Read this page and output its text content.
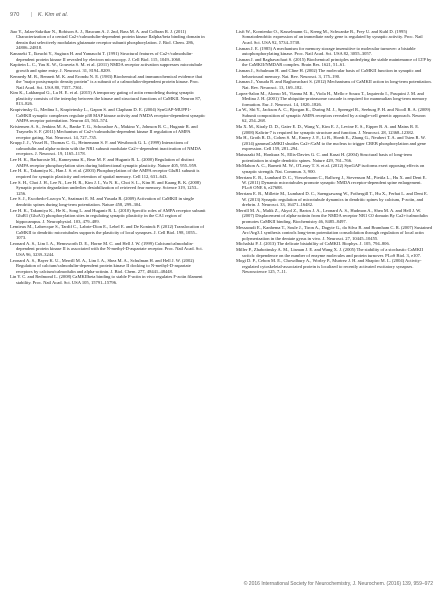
970 | K. Kim et al.

Jiao Y., Jalan-Sakrikar N., Robison A. J., Baucum A. J. 2nd, Bass M. A. and Colbran R. J. (2011) Characterization of a central Ca2+/calmodulin-dependent protein kinase IIalpha/beta binding domain in densin that selectively modulates glutamate receptor subunit phosphorylation. J. Biol. Chem. 286, 24806–24818.

Kanaseki T., Ikeuchi Y., Sugiura H. and Yamauchi T. (1991) Structural features of Ca2+/calmodulin-dependent protein kinase II revealed by electron microscopy. J. Cell Biol. 115, 1049–1060.

Kapitein L. C., Yau K. W., Gouveia S. M. et al. (2011) NMDA receptor activation suppresses microtubule growth and spine entry. J. Neurosci. 31, 8194–8209.

Kennedy M. B., Bennett M. K. and Erondu N. E. (1983) Biochemical and immunochemical evidence that the "major postsynaptic density protein" is a subunit of a calmodulin-dependent protein kinase. Proc. Natl Acad. Sci. USA 80, 7357–7361.

Kim K., Lakhanpal G., Lu H. E. et al. (2015) A temporary gating of actin remodeling during synaptic plasticity consists of the interplay between the kinase and structural functions of CaMKII. Neuron 87, 813–826.

Krapivinsky G., Medina I., Krapivinsky L., Gapon S. and Clapham D. E. (2004) SynGAP-MUPP1-CaMKII synaptic complexes regulate p38 MAP kinase activity and NMDA receptor-dependent synaptic AMPA receptor potentiation. Neuron 43, 563–574.

Kristensen A. S., Jenkins M. A., Banke T. G., Schousboe A., Makino Y., Johnson R. C., Huganir R. and Traynelis S. F. (2011) Mechanism of Ca2+/calmodulin-dependent kinase II regulation of AMPA receptor gating. Nat. Neurosci. 14, 727–735.

Krupp J. J., Vissel B., Thomas C. G., Heinemann S. F. and Westbrook G. L. (1999) Interactions of calmodulin and alpha-actinin with the NR1 subunit modulate Ca2+-dependent inactivation of NMDA receptors. J. Neurosci. 19, 1165–1178.

Lee H. K., Barbarosie M., Kameyama K., Bear M. F. and Huganir R. L. (2000) Regulation of distinct AMPA receptor phosphorylation sites during bidirectional synaptic plasticity. Nature 405, 955–959.

Lee H. K., Takamiya K., Han J. S. et al. (2003) Phosphorylation of the AMPA receptor GluR1 subunit is required for synaptic plasticity and retention of spatial memory. Cell 112, 631–643.

Lee S. H., Choi J. H., Lee N., Lee H. R., Kim J. I., Yu N. K., Choi S. L., Kim H. and Kaang B. K. (2008) Synaptic protein degradation underlies destabilization of retrieved fear memory. Science 319, 1253–1256.

Lee S. J., Escobedo-Lozoya Y., Szatmari E. M. and Yasuda R. (2009) Activation of CaMKII in single dendritic spines during long-term potentiation. Nature 458, 299–304.

Lee H. K., Takamiya K., He K., Song L. and Huganir R. L. (2010) Specific roles of AMPA receptor subunit GluR1 (GluA1) phosphorylation sites in regulating synaptic plasticity in the CA1 region of hippocampus. J. Neurophysiol. 103, 479–489.

Lemieux M., Labrecque S., Tardif C., Labrie-Dion E., Lebel E. and De Koninck P. (2012) Translocation of CaMKII to dendritic microtubules supports the plasticity of local synapses. J. Cell Biol. 198, 1055–1073.

Leonard A. S., Lim I. A., Hemsworth D. E., Horne M. C. and Hell J. W. (1999) Calcium/calmodulin-dependent protein kinase II is associated with the N-methyl-D-aspartate receptor. Proc. Natl Acad. Sci. USA 96, 3239–3244.

Leonard A. S., Bayer K. U., Merrill M. A., Lim I. A., Shea M. A., Schulman H. and Hell J. W. (2002) Regulation of calcium/calmodulin-dependent protein kinase II docking to N-methyl-D-aspartate receptors by calcium/calmodulin and alpha-actinin. J. Biol. Chem. 277, 48441–48448.

Lin Y. C. and Redmond L. (2008) CaMKIIbeta binding to stable F-actin in vivo regulates F-actin filament stability. Proc. Natl Acad. Sci. USA 105, 15791–15796.

Lisft W., Kornienko O., Kasselmann G., Kreng M., Schwanke B., Frey U. and Kuhl D. (1995) Somatodendritic expression of an immediate early gene is regulated by synaptic activity. Proc. Natl Acad. Sci. USA 92, 5734–5738.

Lisman J. E. (1985) A mechanism for memory storage insensitive to molecular turnover: a bistable autophosphorylating kinase. Proc. Natl Acad. Sci. USA 82, 3055–3057.

Lisman J. and Raghavachari S. (2015) Biochemical principles underlying the stable maintenance of LTP by the CaMKII/NMDAR complex. Brain Res. 1621, 51–61.

Lisman J., Schulman H. and Cline H. (2002) The molecular basis of CaMKII function in synaptic and behavioural memory. Nat. Rev. Neurosci. 3, 175–190.

Lisman J., Yasuda R. and Raghavachari S. (2012) Mechanisms of CaMKII action in long-term potentiation. Nat. Rev. Neurosci. 13, 169–182.

Lopez-Salon M., Alonso M., Vianna M. R., Viola H., Mello e Souza T., Izquierdo I., Pasquini J. M. and Medina J. H. (2001) The ubiquitin-proteasome cascade is required for mammalian long-term memory formation. Eur. J. Neurosci. 14, 1820–1826.

Lu W., Shi Y., Jackson A. C., Bjorgan K., During M. J., Sprengel R., Seeburg P. H. and Nicoll R. A. (2009) Subunit composition of synaptic AMPA receptors revealed by a single-cell genetic approach. Neuron 62, 254–268.

Ma X. M., Kiraly D. D., Gaier E. D., Wang Y., Kim E. J., Levine E. S., Eipper B. A. and Mains R. E. (2008) Kalirin-7 is required for synaptic structure and function. J. Neurosci. 28, 12368–12382.

Ma H., Groth R. D., Cohen S. M., Emery J. F., Li B., Hoedt E., Zhang G., Neubert T. A. and Tsien R. W. (2014) gammaCaMKII shuttles Ca2+/CaM to the nucleus to trigger CREB phosphorylation and gene expression. Cell 159, 281–294.

Matsuzaki M., Honkura N., Ellis-Davies G. C. and Kasai H. (2004) Structural basis of long-term potentiation in single dendritic spines. Nature 429, 761–766.

McMahon A. C., Barnett M. W., O'Leary T. S. et al. (2012) SynGAP isoforms exert opposing effects on synaptic strength. Nat. Commun. 3, 900.

Merriam E. B., Lumbard D. C., Viesselmann C., Ballweg J., Stevenson M., Pietila L., Hu X. and Dent E. W. (2011) Dynamic microtubules promote synaptic NMDA receptor-dependent spine enlargement. PLoS ONE 6, e27688.

Merriam E. B., Millette M., Lumbard D. C., Saengsawang W., Fothergill T., Hu X., Ferhat L. and Dent E. W. (2013) Synaptic regulation of microtubule dynamics in dendritic spines by calcium, F-actin, and drebrin. J. Neurosci. 33, 16471–16482.

Merrill M. A., Malik Z., Akyol Z., Bartos J. A., Leonard A. S., Hudmon A., Shea M. A. and Hell J. W. (2007) Displacement of alpha-actinin from the NMDA receptor NR1 C0 domain By Ca2+/calmodulin promotes CaMKII binding. Biochemistry 46, 8485–8497.

Messaoudi E., Kanhema T., Soule J., Tiron A., Dagyte G., da Silva B. and Bramham C. R. (2007) Sustained Arc/Arg3.1 synthesis controls long-term potentiation consolidation through regulation of local actin polymerization in the dentate gyrus in vivo. J. Neurosci. 27, 10445–10455.

Michalski P. J. (2013) The delicate bistability of CaMKII. Biophys. J. 105, 794–806.

Miller P., Zhabotinsky A. M., Lisman J. E. and Wang X. J. (2005) The stability of a stochastic CaMKII switch: dependence on the number of enzyme molecules and protein turnover. PLoS Biol. 3, e107.

Mogi D. P., Cebon M. E., Chowdhury A., Worley P., Murtrez J. H. and Shapiro M. L. (2004) Activity-regulated cytoskeletal-associated protein is localized to recently activated excitatory synapses. Neuroscience 125, 7–11.

© 2016 International Society for Neurochemistry, J. Neurochem. (2016) 139, 959–972
